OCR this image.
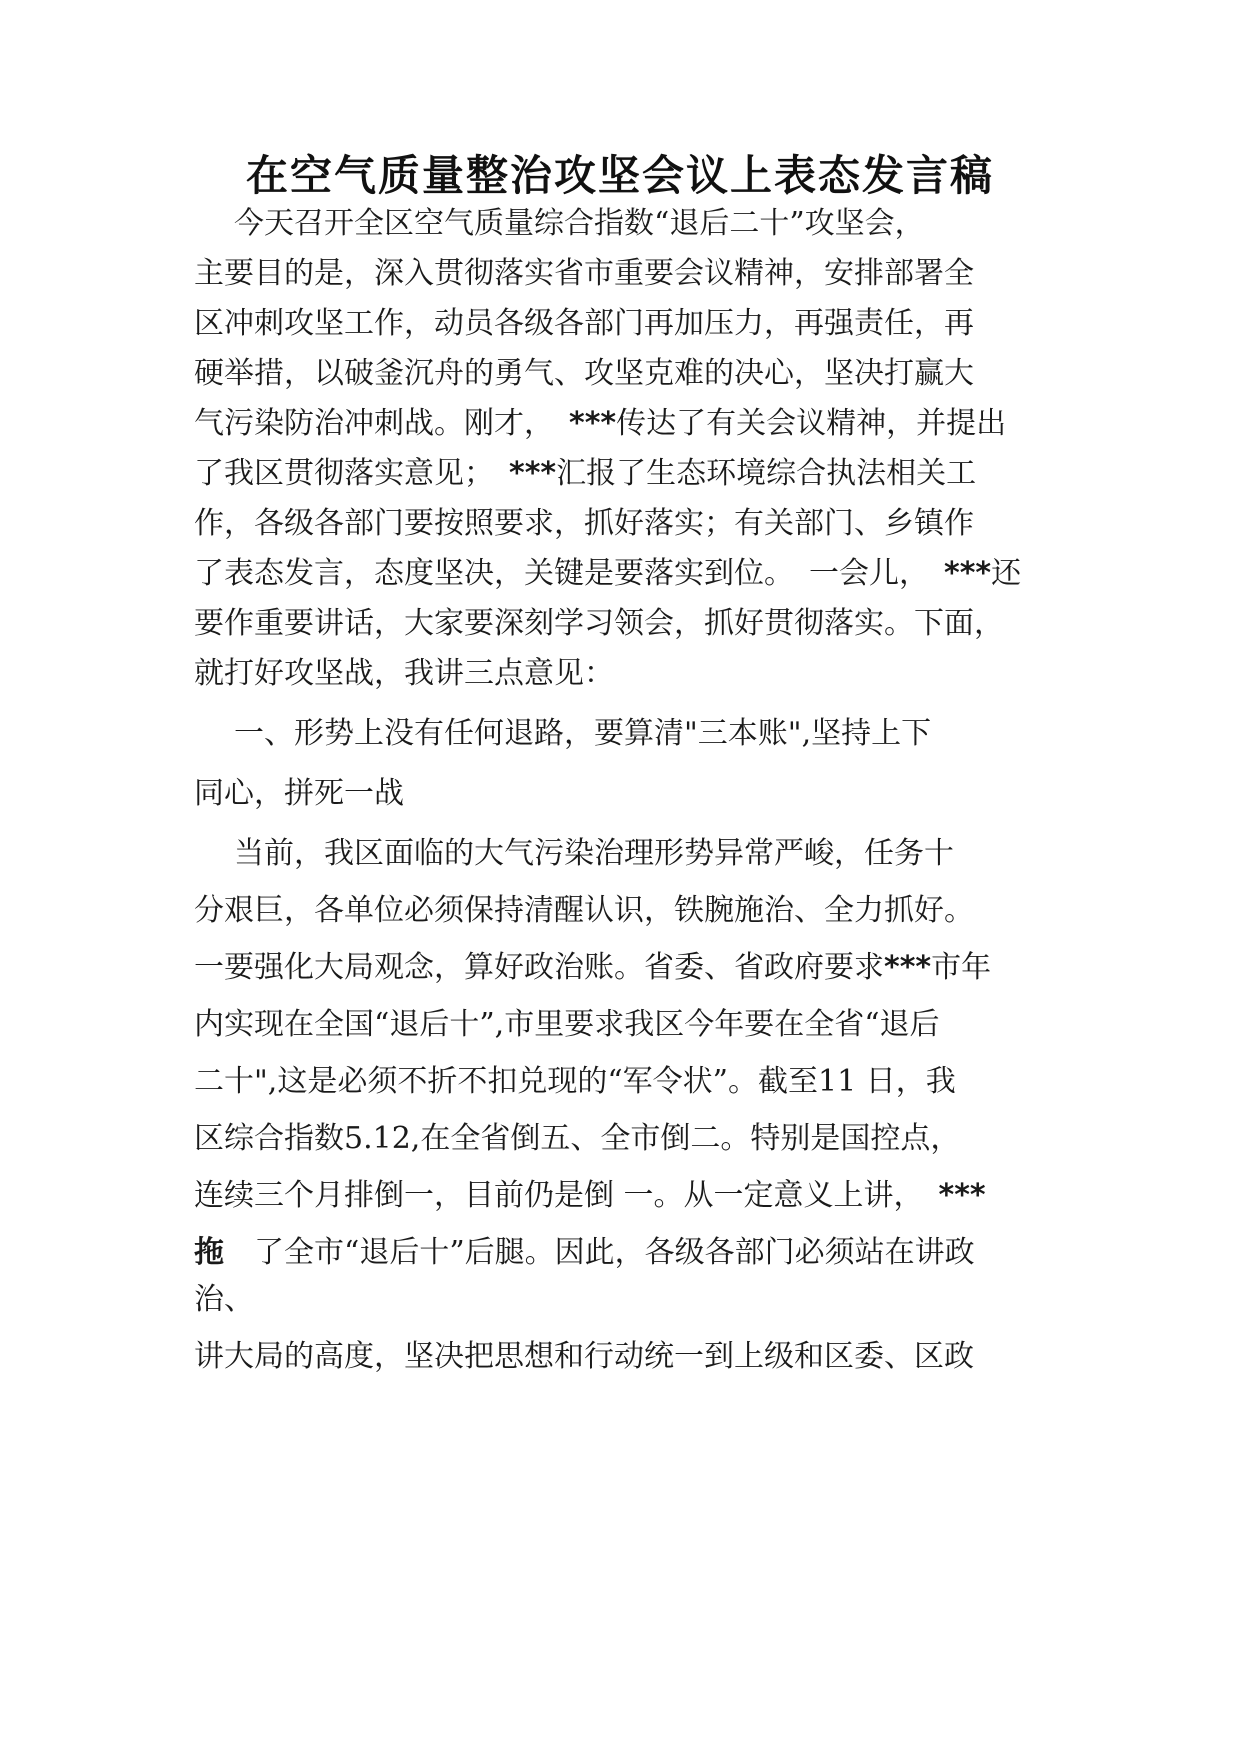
在空气质量整治攻坚会议上表态发言稿
今天召开全区空气质量综合指数“退后二十”攻坚会，
主要目的是，深入贯彻落实省市重要会议精神，安排部署全
区冲刺攻坚工作，动员各级各部门再加压力，再强责任，再
硬举措，以破釜沉舟的勇气、攻坚克难的决心，坚决打赢大
气污染防治冲刺战。刚才，　***传达了有关会议精神，并提出
了我区贯彻落实意见；　***汇报了生态环境综合执法相关工
作，各级各部门要按照要求，抓好落实；有关部门、乡镇作
了表态发言，态度坚决，关键是要落实到位。　一会儿，　***还
要作重要讲话，大家要深刻学习领会，抓好贯彻落实。下面，
就打好攻坚战，我讲三点意见：
一、形势上没有任何退路，要算清"三本账",坚持上下
同心，拼死一战
当前，我区面临的大气污染治理形势异常严峻，任务十
分艰巨，各单位必须保持清醒认识，铁腕施治、全力抓好。
一要强化大局观念，算好政治账。省委、省政府要求***市年
内实现在全国“退后十”,市里要求我区今年要在全省“退后
二十",这是必须不折不扣兑现的“军令状”。截至11 日，我
区综合指数5.12,在全省倒五、全市倒二。特别是国控点，
连续三个月排倒一，目前仍是倒 一。从一定意义上讲，　***
拖　了全市“退后十”后腿。因此，各级各部门必须站在讲政
治、
讲大局的高度，坚决把思想和行动统一到上级和区委、区政
